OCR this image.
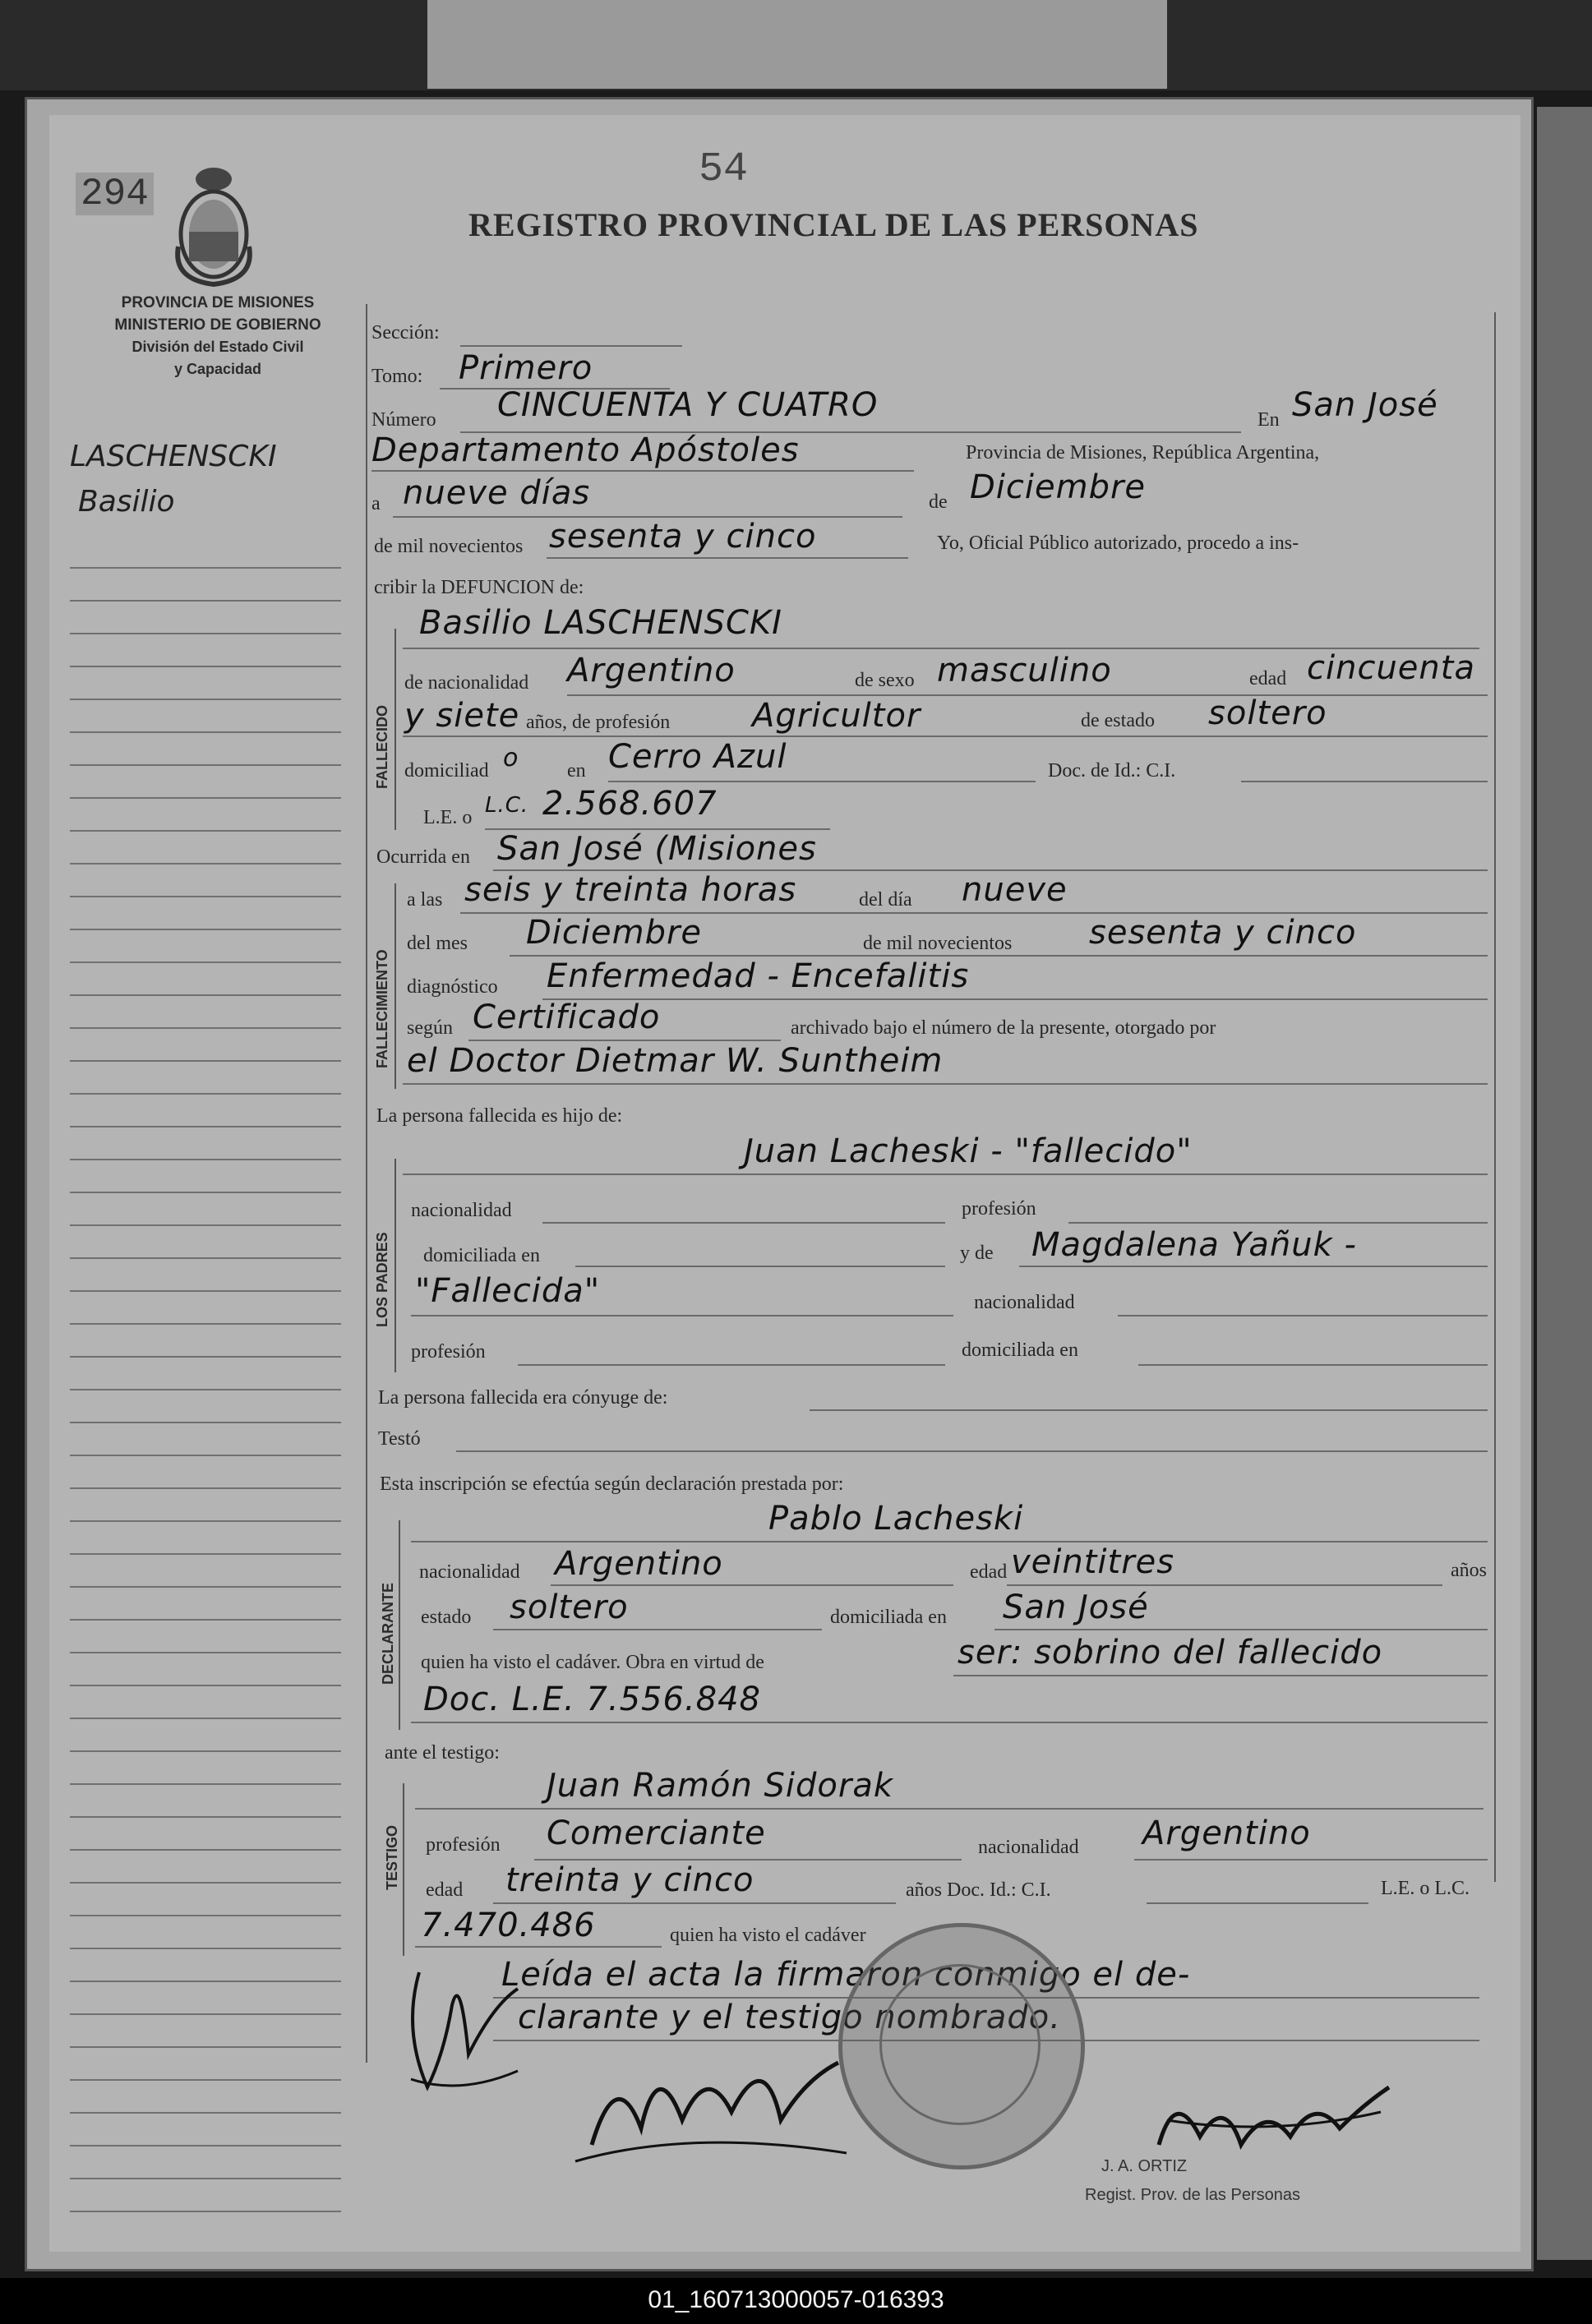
294
54
REGISTRO PROVINCIAL DE LAS PERSONAS
PROVINCIA DE MISIONES
MINISTERIO DE GOBIERNO
División del Estado Civil
y Capacidad
LASCHENSCKI
Basilio
Sección:
Tomo: Primero
Número CINCUENTA Y CUATRO	En San José
Departamento Apóstoles	Provincia de Misiones, República Argentina,
a nueve días	de Diciembre
de mil novecientos sesenta y cinco	Yo, Oficial Público autorizado, procedo a ins-
cribir la DEFUNCION de:
FALLECIDO
Basilio LASCHENSCKI
de nacionalidad Argentino	de sexo masculino	edad cincuenta
y siete años, de profesión Agricultor	de estado soltero
domiciliad o en Cerro Azul	Doc. de Id.: C.I.
L.E. o L.C. 2.568.607
Ocurrida en San José (Misiones
FALLECIMIENTO
a las seis y treinta horas	del día nueve
del mes Diciembre	de mil novecientos sesenta y cinco
diagnóstico Enfermedad - Encefalitis
según Certificado	archivado bajo el número de la presente, otorgado por
el Doctor Dietmar W. Suntheim
La persona fallecida es hijo de:
LOS PADRES
Juan Lacheski - "fallecido"
nacionalidad	profesión
domiciliada en	y de Magdalena Yañuk -
"Fallecida"	nacionalidad
profesión	domiciliada en
La persona fallecida era cónyuge de:
Testó
Esta inscripción se efectúa según declaración prestada por:
DECLARANTE
Pablo Lacheski
nacionalidad Argentino	edad veintitres	años
estado soltero	domiciliada en San José
quien ha visto el cadáver. Obra en virtud de	ser: sobrino del fallecido
Doc. L.E. 7.556.848
ante el testigo:
TESTIGO
Juan Ramón Sidorak
profesión Comerciante	nacionalidad Argentino
edad treinta y cinco	años Doc. Id.: C.I.	L.E. o L.C.
7.470.486	quien ha visto el cadáver
Leída el acta la firmaron conmigo el de-
clarante y el testigo nombrado.
J. A. ORTIZ
Regist. Prov. de las Personas
01_160713000057-016393
